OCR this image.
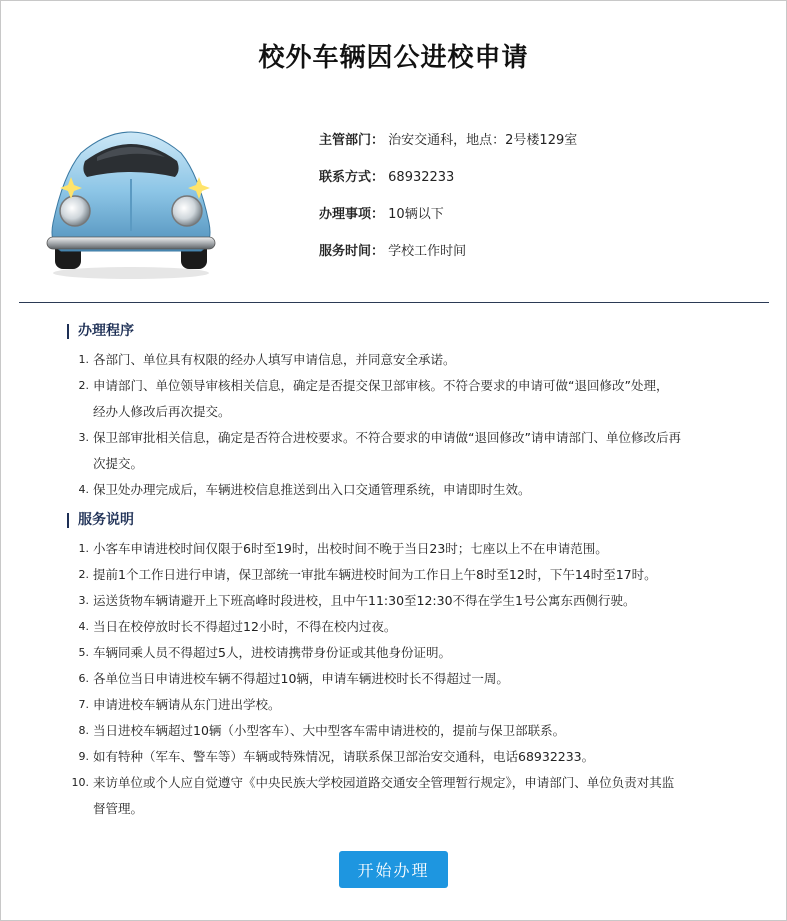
校外车辆因公进校申请
主管部门： 治安交通科，地点：2号楼129室
联系方式： 68932233
办理事项： 10辆以下
服务时间： 学校工作时间
办理程序
1. 各部门、单位具有权限的经办人填写申请信息，并同意安全承诺。
2. 申请部门、单位领导审核相关信息，确定是否提交保卫部审核。不符合要求的申请可做“退回修改”处理，
经办人修改后再次提交。
3. 保卫部审批相关信息，确定是否符合进校要求。不符合要求的申请做“退回修改”请申请部门、单位修改后再
次提交。
4. 保卫处办理完成后，车辆进校信息推送到出入口交通管理系统，申请即时生效。
服务说明
1. 小客车申请进校时间仅限于6时至19时，出校时间不晚于当日23时；七座以上不在申请范围。
2. 提前1个工作日进行申请，保卫部统一审批车辆进校时间为工作日上午8时至12时，下午14时至17时。
3. 运送货物车辆请避开上下班高峰时段进校，且中午11:30至12:30不得在学生1号公寓东西侧行驶。
4. 当日在校停放时长不得超过12小时，不得在校内过夜。
5. 车辆同乘人员不得超过5人，进校请携带身份证或其他身份证明。
6. 各单位当日申请进校车辆不得超过10辆，申请车辆进校时长不得超过一周。
7. 申请进校车辆请从东门进出学校。
8. 当日进校车辆超过10辆（小型客车）、大中型客车需申请进校的，提前与保卫部联系。
9. 如有特种（军车、警车等）车辆或特殊情况，请联系保卫部治安交通科，电话68932233。
10. 来访单位或个人应自觉遵守《中央民族大学校园道路交通安全管理暂行规定》，申请部门、单位负责对其监
督管理。
开始办理
